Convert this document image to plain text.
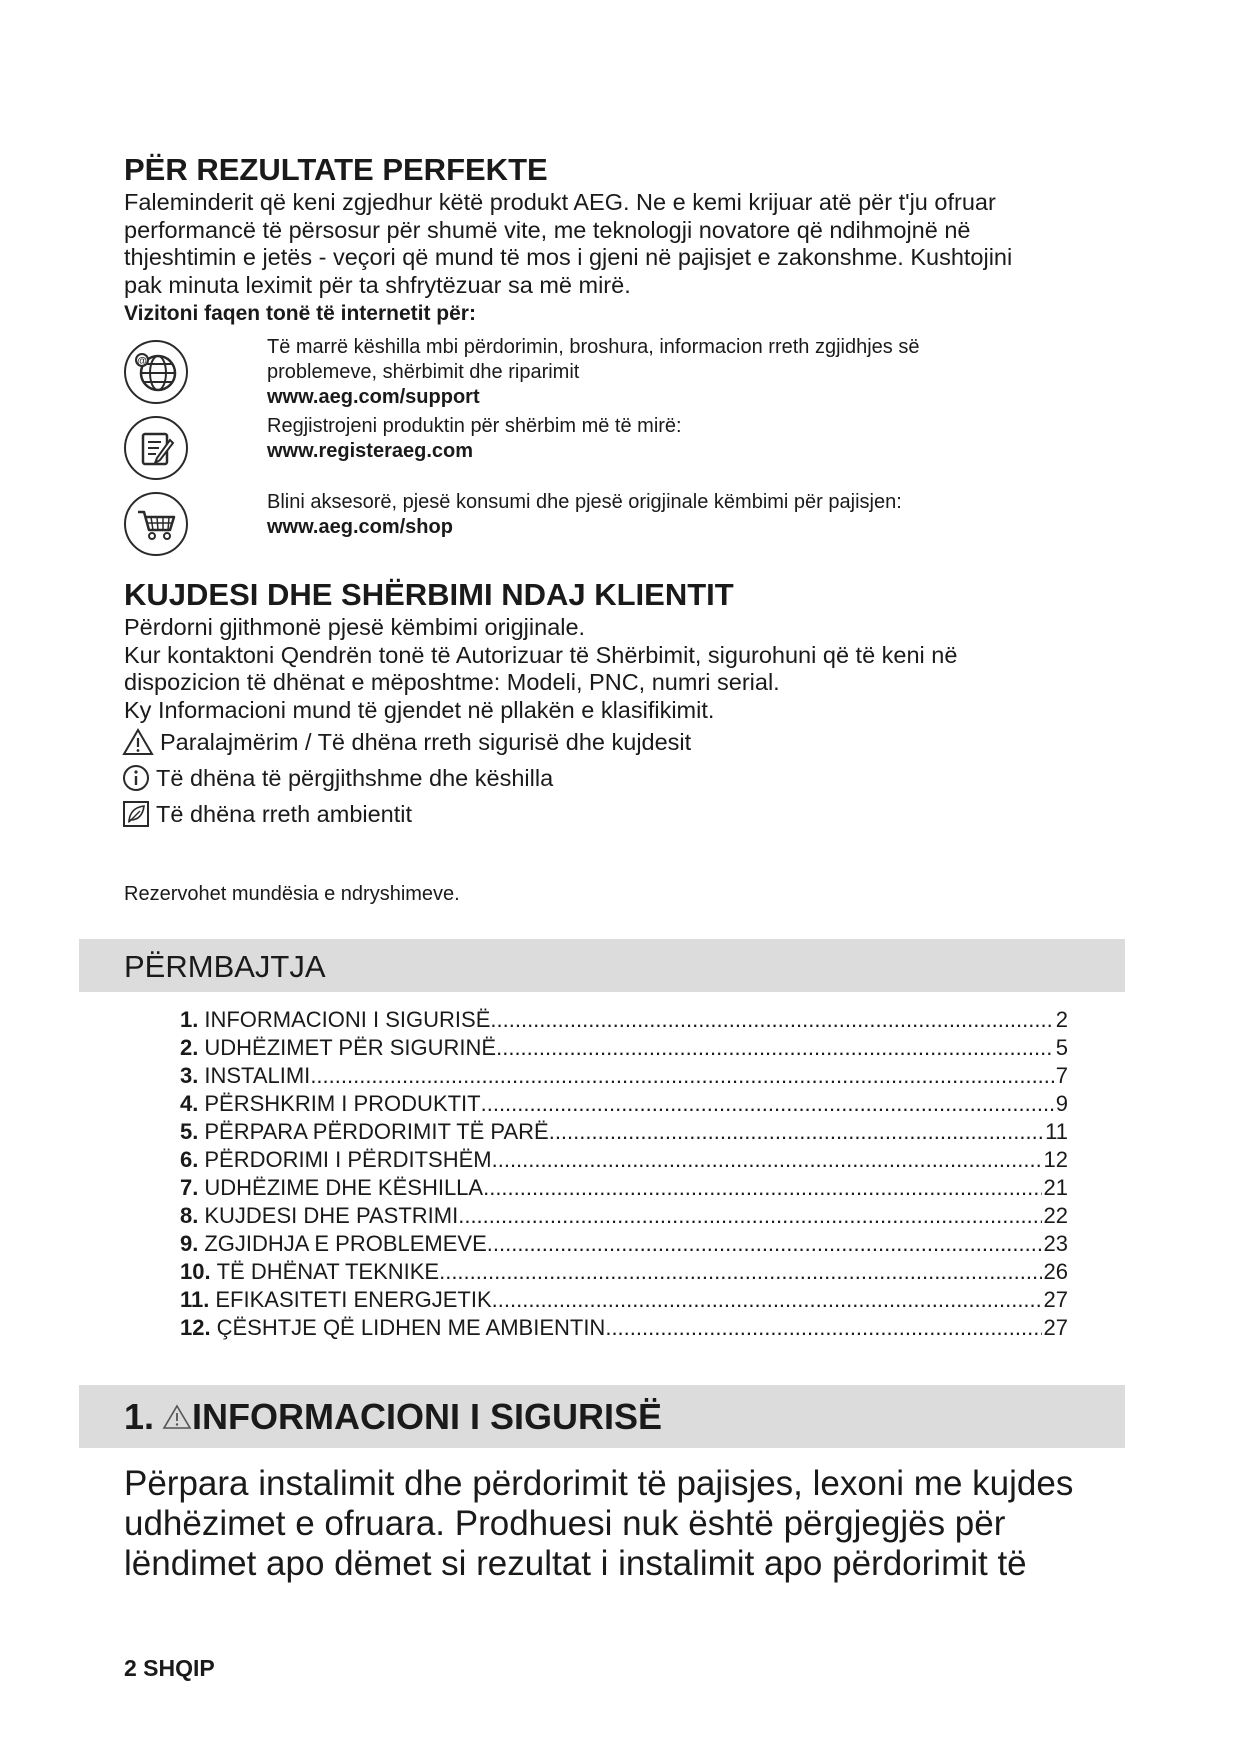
PËR REZULTATE PERFEKTE
Faleminderit që keni zgjedhur këtë produkt AEG. Ne e kemi krijuar atë për t'ju ofruar
performancë të përsosur për shumë vite, me teknologji novatore që ndihmojnë në
thjeshtimin e jetës - veçori që mund të mos i gjeni në pajisjet e zakonshme. Kushtojini
pak minuta leximit për ta shfrytëzuar sa më mirë.
Vizitoni faqen tonë të internetit për:
@
Të marrë këshilla mbi përdorimin, broshura, informacion rreth zgjidhjes së
problemeve, shërbimit dhe riparimit
www.aeg.com/support
Regjistrojeni produktin për shërbim më të mirë:
www.registeraeg.com
Blini aksesorë, pjesë konsumi dhe pjesë origjinale këmbimi për pajisjen:
www.aeg.com/shop
KUJDESI DHE SHËRBIMI NDAJ KLIENTIT
Përdorni gjithmonë pjesë këmbimi origjinale.
Kur kontaktoni Qendrën tonë të Autorizuar të Shërbimit, sigurohuni që të keni në
dispozicion të dhënat e mëposhtme: Modeli, PNC, numri serial.
Ky Informacioni mund të gjendet në pllakën e klasifikimit.
Paralajmërim / Të dhëna rreth sigurisë dhe kujdesit
Të dhëna të përgjithshme dhe këshilla
Të dhëna rreth ambientit
Rezervohet mundësia e ndryshimeve.
PËRMBAJTJA
1. INFORMACIONI I SIGURISË .....	2
2. UDHËZIMET PËR SIGURINË .....	5
3. INSTALIMI .....	7
4. PËRSHKRIM I PRODUKTIT .....	9
5. PËRPARA PËRDORIMIT TË PARË .....	11
6. PËRDORIMI I PËRDITSHËM .....	12
7. UDHËZIME DHE KËSHILLA .....	21
8. KUJDESI DHE PASTRIMI .....	22
9. ZGJIDHJA E PROBLEMEVE .....	23
10. TË DHËNAT TEKNIKE .....	26
11. EFIKASITETI ENERGJETIK .....	27
12. ÇËSHTJE QË LIDHEN ME AMBIENTIN .....	27
1. INFORMACIONI I SIGURISË
Përpara instalimit dhe përdorimit të pajisjes, lexoni me kujdes
udhëzimet e ofruara. Prodhuesi nuk është përgjegjës për
lëndimet apo dëmet si rezultat i instalimit apo përdorimit të
2 SHQIP
